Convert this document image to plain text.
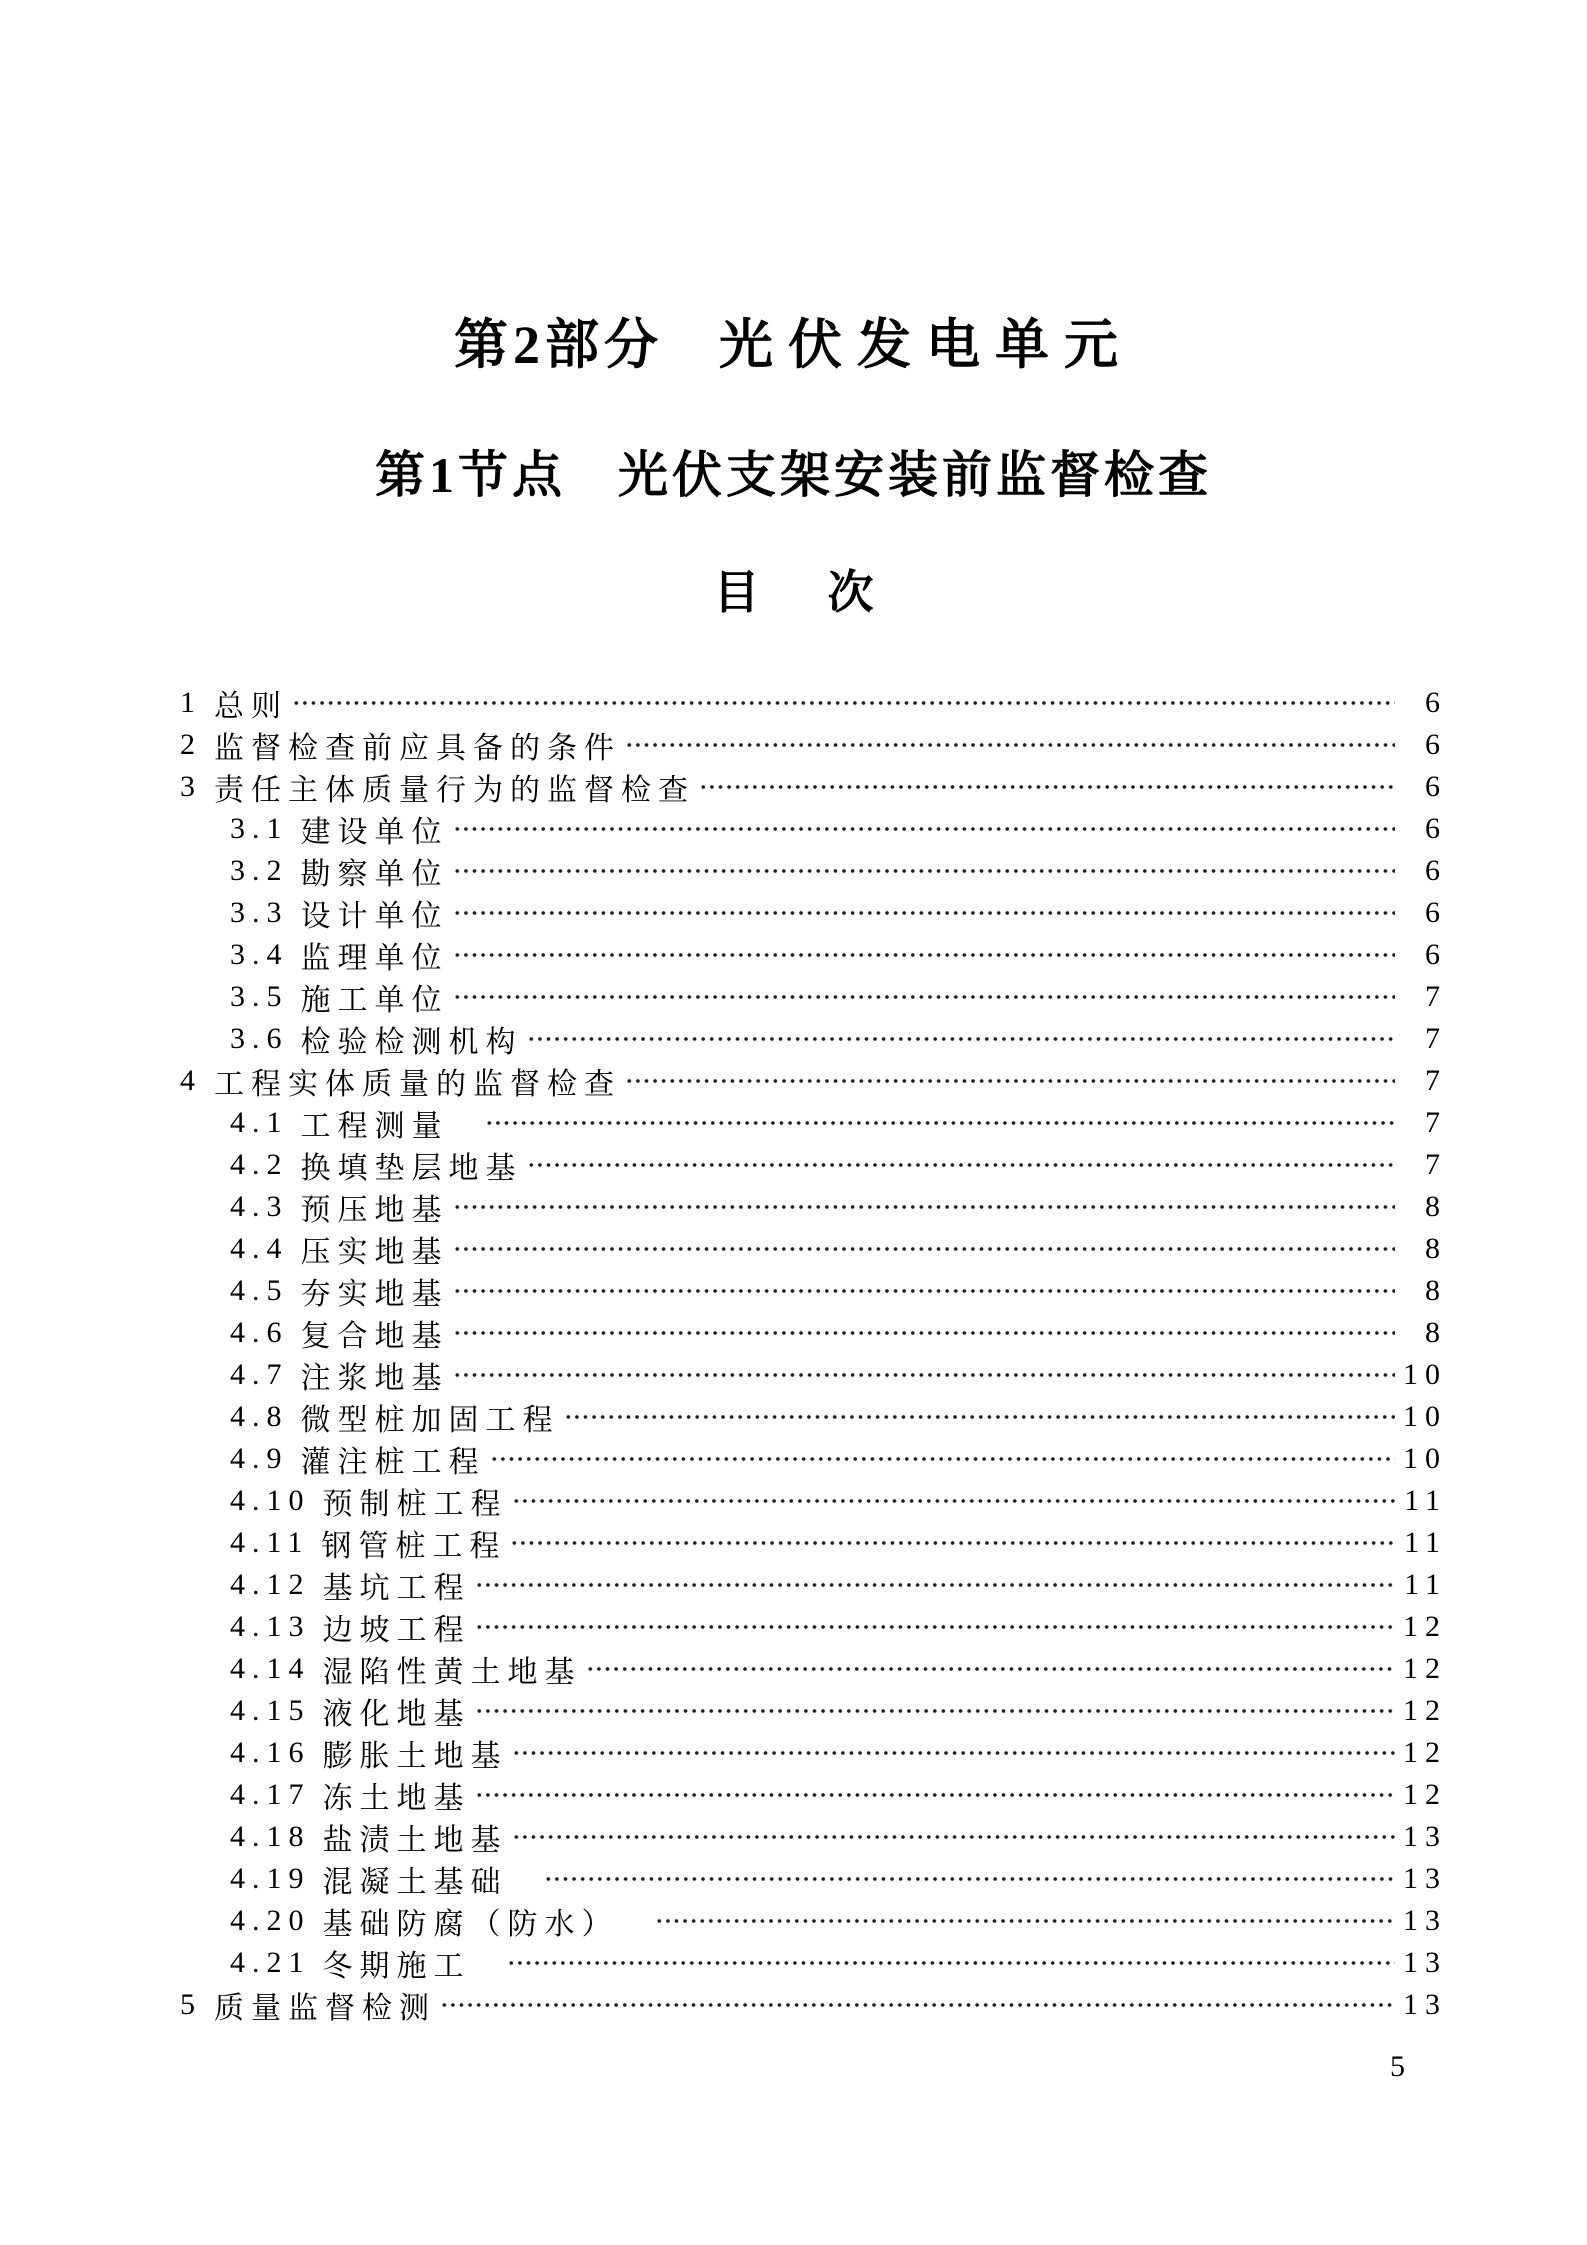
第2部分 光伏发电单元
第1节点 光伏支架安装前监督检查
目 次
1 总则	6
2 监督检查前应具备的条件	6
3 责任主体质量行为的监督检查	6
3.1 建设单位	6
3.2 勘察单位	6
3.3 设计单位	6
3.4 监理单位	6
3.5 施工单位	7
3.6 检验检测机构	7
4 工程实体质量的监督检查	7
4.1 工程测量	7
4.2 换填垫层地基	7
4.3 预压地基	8
4.4 压实地基	8
4.5 夯实地基	8
4.6 复合地基	8
4.7 注浆地基	10
4.8 微型桩加固工程	10
4.9 灌注桩工程	10
4.10 预制桩工程	11
4.11 钢管桩工程	11
4.12 基坑工程	11
4.13 边坡工程	12
4.14 湿陷性黄土地基	12
4.15 液化地基	12
4.16 膨胀土地基	12
4.17 冻土地基	12
4.18 盐渍土地基	13
4.19 混凝土基础	13
4.20 基础防腐（防水）	13
4.21 冬期施工	13
5 质量监督检测	13
5
